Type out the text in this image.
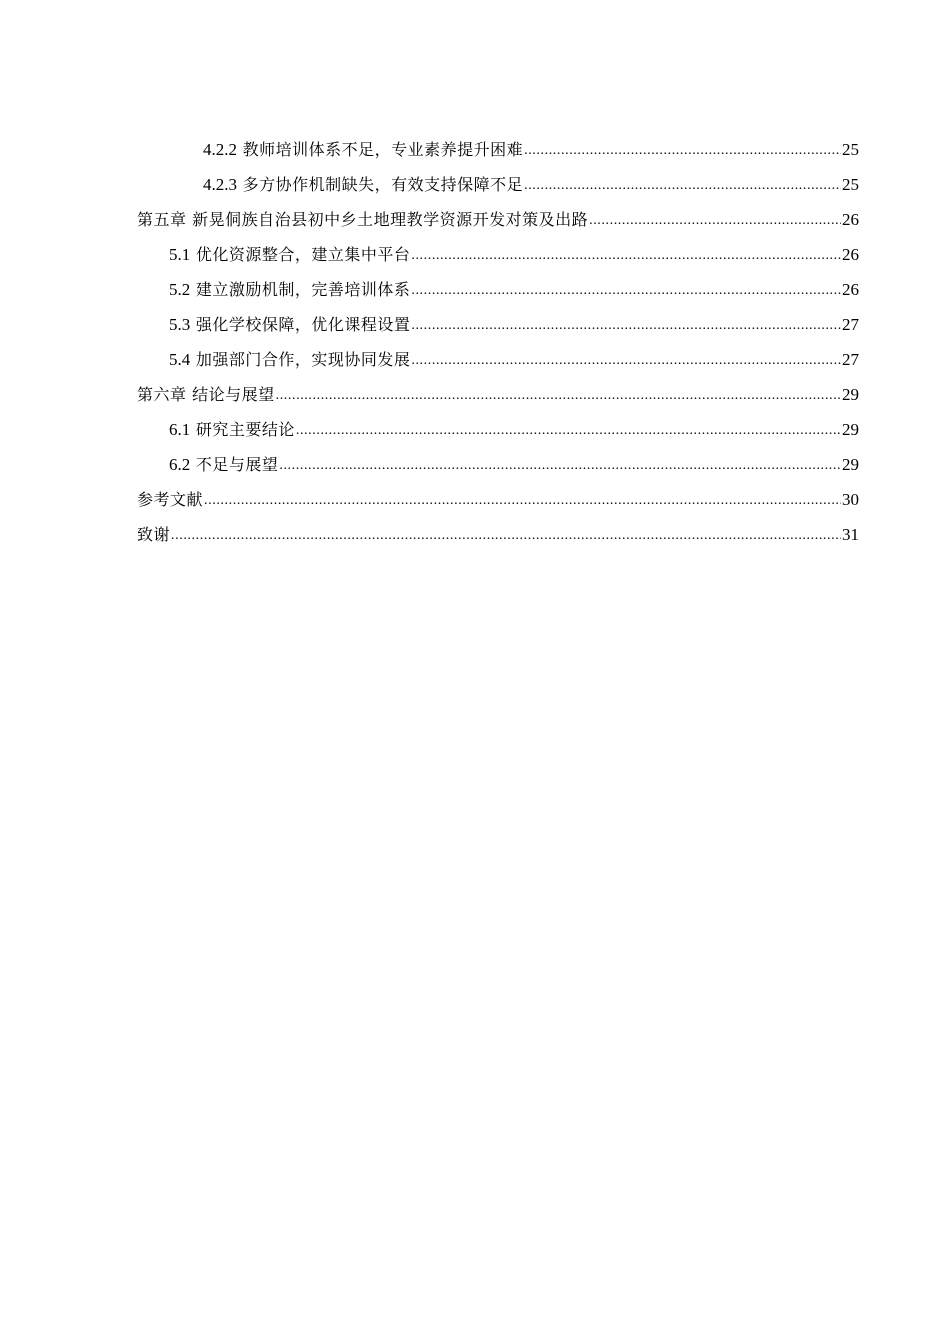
4.2.2 教师培训体系不足，专业素养提升困难 .....	25
4.2.3 多方协作机制缺失，有效支持保障不足 .....	25
第五章 新晃侗族自治县初中乡土地理教学资源开发对策及出路 .....	26
5.1 优化资源整合，建立集中平台 .....	26
5.2 建立激励机制，完善培训体系 .....	26
5.3 强化学校保障，优化课程设置 .....	27
5.4 加强部门合作，实现协同发展 .....	27
第六章 结论与展望 .....	29
6.1 研究主要结论 .....	29
6.2 不足与展望 .....	29
参考文献 .....	30
致谢 .....	31
